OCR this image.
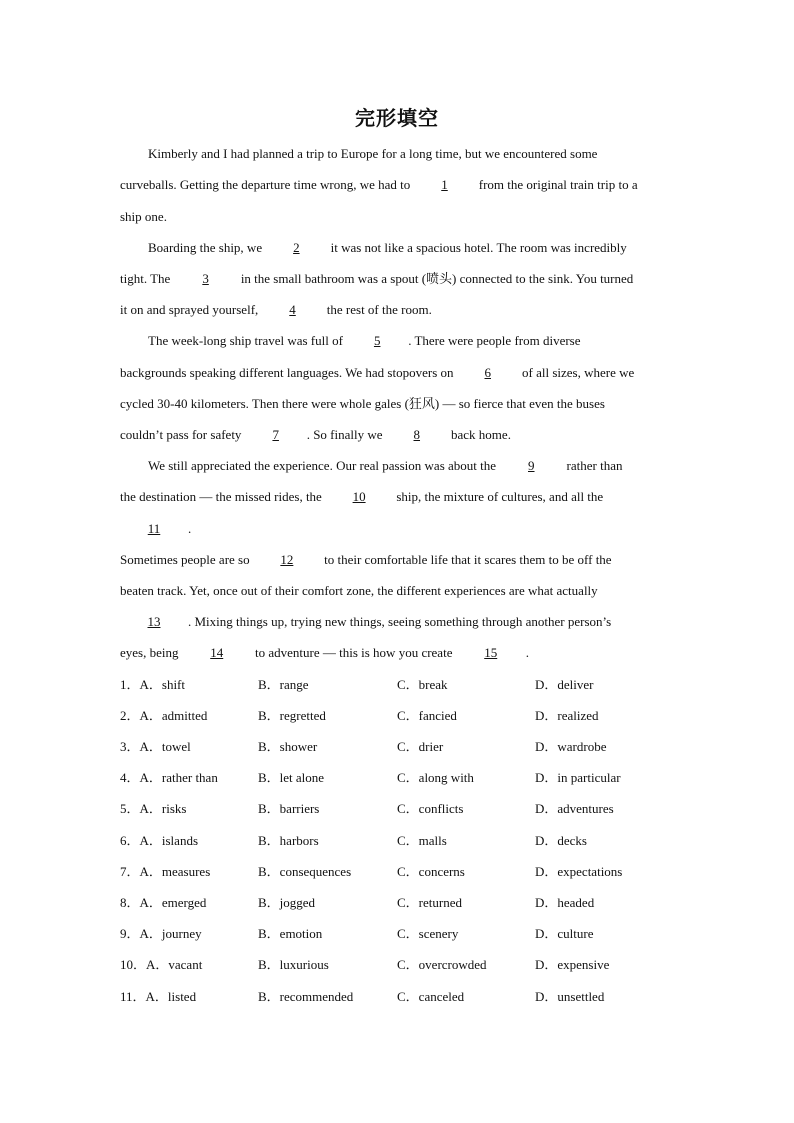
完形填空
Kimberly and I had planned a trip to Europe for a long time, but we encountered some
curveballs. Getting the departure time wrong, we had to 1 from the original train trip to a
ship one.
Boarding the ship, we 2 it was not like a spacious hotel. The room was incredibly
tight. The 3 in the small bathroom was a spout (喷头) connected to the sink. You turned
it on and sprayed yourself, 4 the rest of the room.
The week-long ship travel was full of 5 . There were people from diverse
backgrounds speaking different languages. We had stopovers on 6 of all sizes, where we
cycled 30-40 kilometers. Then there were whole gales (狂风) — so fierce that even the buses
couldn’t pass for safety 7 . So finally we 8 back home.
We still appreciated the experience. Our real passion was about the 9 rather than
the destination — the missed rides, the 10 ship, the mixture of cultures, and all the
11 .
Sometimes people are so 12 to their comfortable life that it scares them to be off the
beaten track. Yet, once out of their comfort zone, the different experiences are what actually
13 . Mixing things up, trying new things, seeing something through another person’s
eyes, being 14 to adventure — this is how you create 15 .
1．A．shift	B．range	C．break	D．deliver
2．A．admitted	B．regretted	C．fancied	D．realized
3．A．towel	B．shower	C．drier	D．wardrobe
4．A．rather than	B．let alone	C．along with	D．in particular
5．A．risks	B．barriers	C．conflicts	D．adventures
6．A．islands	B．harbors	C．malls	D．decks
7．A．measures	B．consequences	C．concerns	D．expectations
8．A．emerged	B．jogged	C．returned	D．headed
9．A．journey	B．emotion	C．scenery	D．culture
10．A．vacant	B．luxurious	C．overcrowded	D．expensive
11．A．listed	B．recommended	C．canceled	D．unsettled
